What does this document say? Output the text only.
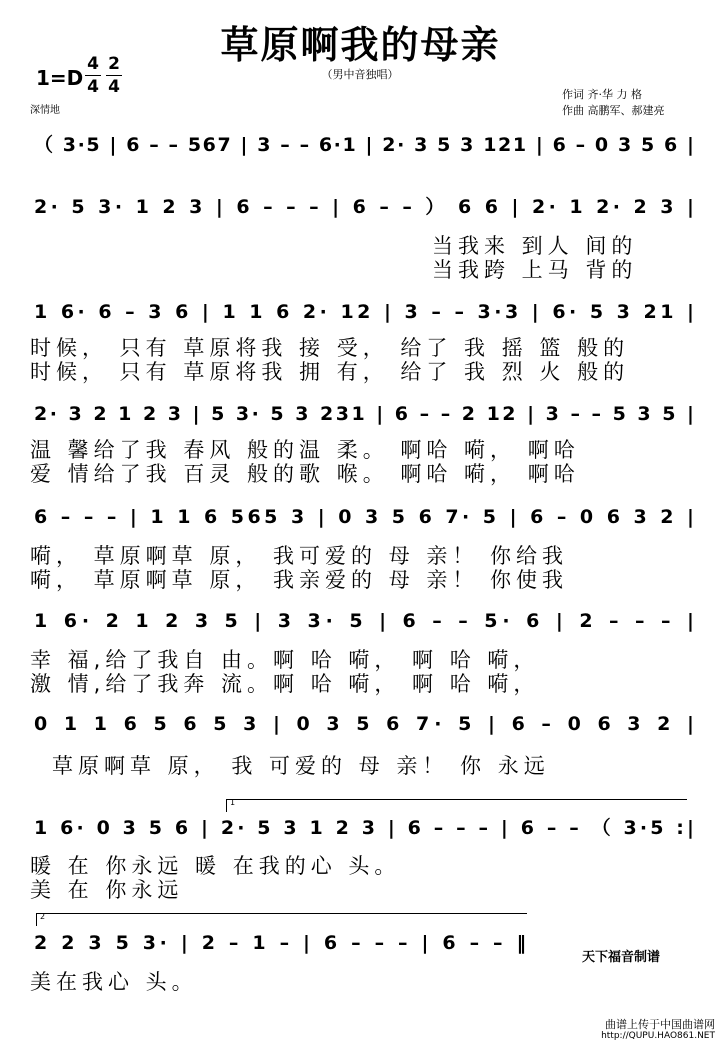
草原啊我的母亲
（男中音独唱）
1=D
4
4
2
4
深情地
作词 齐·华 力 格
作曲 高鹏军、郝建亮
（ 3·5 | 6 – – 567 | 3 – – 6·1 | 2· 3 5 3 121 | 6 – 0 3 5 6 |
2· 5 3· 1 2 3 | 6 – – – | 6 – – ） 6 6 | 2· 1 2· 2 3 |
1 6· 6 – 3 6 | 1 1 6 2· 12 | 3 – – 3·3 | 6· 5 3 21 |
2· 3 2 1 2 3 | 5 3· 5 3 231 | 6 – – 2 12 | 3 – – 5 3 5 |
6 – – – | 1 1 6 565 3 | 0 3 5 6 7· 5 | 6 – 0 6 3 2 |
1 6· 2 1 2 3 5 | 3 3· 5 | 6 – – 5· 6 | 2 – – – |
0 1 1 6 5 6 5 3 | 0 3 5 6 7· 5 | 6 – 0 6 3 2 |
1
1 6· 0 3 5 6 | 2· 5 3 1 2 3 | 6 – – – | 6 – – （ 3·5 :|
2
2 2 3 5 3· | 2 – 1 – | 6 – – – | 6 – – ‖
当我来 到人 间的
当我跨 上马 背的
时候， 只有 草原将我 接 受， 给了 我 摇 篮 般的
时候， 只有 草原将我 拥 有， 给了 我 烈 火 般的
温 馨给了我 春风 般的温 柔。 啊哈 嗬， 啊哈
爱 情给了我 百灵 般的歌 喉。 啊哈 嗬， 啊哈
嗬， 草原啊草 原， 我可爱的 母 亲！ 你给我
嗬， 草原啊草 原， 我亲爱的 母 亲！ 你使我
幸 福,给了我自 由。啊 哈 嗬， 啊 哈 嗬，
激 情,给了我奔 流。啊 哈 嗬， 啊 哈 嗬，
草原啊草 原， 我 可爱的 母 亲！ 你 永远
暖 在 你永远 暖 在我的心 头。
美 在 你永远
美在我心 头。
天下福音制谱
曲谱上传于中国曲谱网
http://QUPU.HAO861.NET
